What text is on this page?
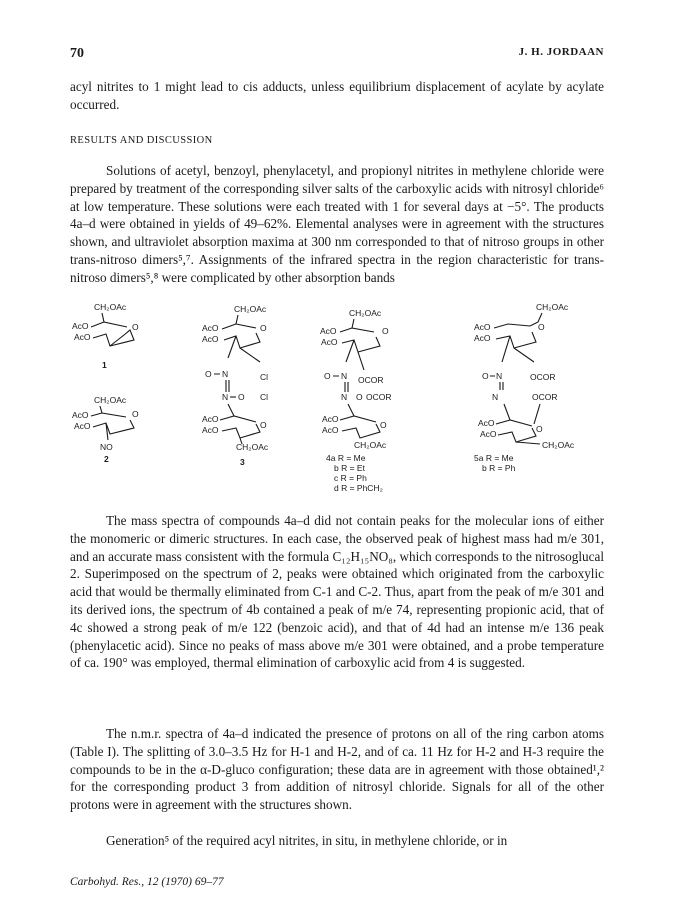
70	J. H. JORDAAN

acyl nitrites to 1 might lead to cis adducts, unless equilibrium displacement of acylate by acylate occurred.

RESULTS AND DISCUSSION

Solutions of acetyl, benzoyl, phenylacetyl, and propionyl nitrites in methylene chloride were prepared by treatment of the corresponding silver salts of the carboxylic acids with nitrosyl chloride⁶ at low temperature. These solutions were each treated with 1 for several days at −5°. The products 4a–d were obtained in yields of 49–62%. Elemental analyses were in agreement with the structures shown, and ultraviolet absorption maxima at 300 nm corresponded to that of nitroso groups in other trans-nitroso dimers⁵,⁷. Assignments of the infrared spectra in the region characteristic for trans-nitroso dimers⁵,⁸ were complicated by other absorption bands

CH₂OAc
AcO
AcO
O
1
CH₂OAc
AcO
AcO
O
NO
2
CH₂OAc
AcO
AcO
O
O N	Cl
N O Cl
AcO
AcO	O
CH₂OAc
3
CH₂OAc
AcO
AcO
O
O N OCOR
N O OCOR
AcO
AcO	O
CH₂OAc
4a R = Me
b R = Et
c R = Ph
d R = PhCH₂
CH₂OAc
AcO
AcO
O
O N	OCOR
N	OCOR
AcO
AcO	O
CH₂OAc
5a R = Me
b R = Ph

The mass spectra of compounds 4a–d did not contain peaks for the molecular ions of either the monomeric or dimeric structures. In each case, the observed peak of highest mass had m/e 301, and an accurate mass consistent with the formula C₁₂H₁₅NO₈, which corresponds to the nitrosoglucal 2. Superimposed on the spectrum of 2, peaks were obtained which originated from the carboxylic acid that would be thermally eliminated from C-1 and C-2. Thus, apart from the peak of m/e 301 and its derived ions, the spectrum of 4b contained a peak of m/e 74, representing propionic acid, that of 4c showed a strong peak of m/e 122 (benzoic acid), and that of 4d had an intense m/e 136 peak (phenylacetic acid). Since no peaks of mass above m/e 301 were obtained, and a probe temperature of ca. 190° was employed, thermal elimination of carboxylic acid from 4 is suggested.

The n.m.r. spectra of 4a–d indicated the presence of protons on all of the ring carbon atoms (Table I). The splitting of 3.0–3.5 Hz for H-1 and H-2, and of ca. 11 Hz for H-2 and H-3 require the compounds to be in the α-D-gluco configuration; these data are in agreement with those obtained¹,² for the corresponding product 3 from addition of nitrosyl chloride. Signals for all of the other protons were in agreement with the structures shown.

Generation⁵ of the required acyl nitrites, in situ, in methylene chloride, or in

Carbohyd. Res., 12 (1970) 69–77
